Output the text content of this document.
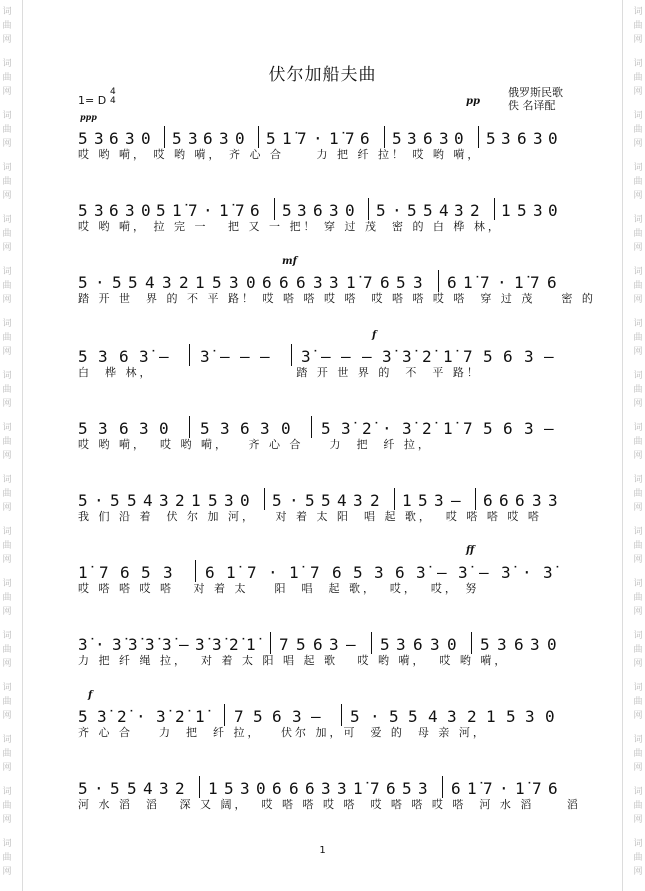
词
曲
网
词
曲
网
词
曲
网
词
曲
网
词
曲
网
词
曲
网
词
曲
网
词
曲
网
词
曲
网
词
曲
网
词
曲
网
词
曲
网
词
曲
网
词
曲
网
词
曲
网
词
曲
网
词
曲
网
词
曲
网
词
曲
网
词
曲
网
词
曲
网
词
曲
网
词
曲
网
词
曲
网
词
曲
网
词
曲
网
词
曲
网
词
曲
网
词
曲
网
词
曲
网
词
曲
网
词
曲
网
词
曲
网
词
曲
网
伏尔加船夫曲
1= D
4
4
俄罗斯民歌
佚 名译配
ppp
pp
5 3 6 3 0 5 3 6 3 0 5 1̇ 7 · 1̇ 7 6 5 3 6 3 0 5 3 6 3 0
哎 哟 嗬， 哎 哟 嗬， 齐 心 合     力 把 纤 拉！ 哎 哟 嗬，
5 3 6 3 0 5 1̇ 7 · 1̇ 7 6 5 3 6 3 0 5 · 5 5 4 3 2 1 5 3 0
哎 哟 嗬， 拉 完 一   把 又 一 把！ 穿 过 茂  密 的 白 桦 林，
5 · 5 5 4 3 2 1 5 3 0 6 6 6 3 3 1̇ 7 6 5 3 6 1̇ 7 · 1̇ 7 6
踏 开 世  界 的 不 平 路！ 哎 嗒 嗒 哎 嗒  哎 嗒 嗒 哎 嗒  穿 过 茂    密 的
5 3 6 3̇ – 3̇ – – – 3̇ – – – 3̇ 3̇ 2̇ 1̇ 7 5 6 3 –
白  桦 林，                      踏 开 世 界 的  不  平 路！
5 3 6 3 0 5 3 6 3 0 5 3̇ 2̇ · 3̇ 2̇ 1̇ 7 5 6 3 –
哎 哟 嗬，  哎 哟 嗬，   齐 心 合    力  把  纤 拉，
5 · 5 5 4 3 2 1 5 3 0 5 · 5 5 4 3 2 1 5 3 – 6 6 6 3 3
我 们 沿 着  伏 尔 加 河，   对 着 太 阳  唱 起 歌，  哎 嗒 嗒 哎 嗒
1̇ 7 6 5 3 6 1̇ 7 · 1̇ 7 6 5 3 6 3̇ – 3̇ – 3̇ · 3̇
哎 嗒 嗒 哎 嗒   对 着 太    阳  唱  起 歌，  哎，  哎， 努
3̇ · 3̇ 3̇ 3̇ 3̇ – 3̇ 3̇ 2̇ 1̇ 7 5 6 3 – 5 3 6 3 0 5 3 6 3 0
力 把 纤 绳 拉，  对 着 太 阳 唱 起 歌   哎 哟 嗬，  哎 哟 嗬，
5 3̇ 2̇ · 3̇ 2̇ 1̇ 7 5 6 3 – 5 · 5 5 4 3 2 1 5 3 0
齐 心 合    力  把  纤 拉，   伏尔 加，可  爱 的  母 亲 河，
5 · 5 5 4 3 2 1 5 3 0 6 6 6 3 3 1̇ 7 6 5 3 6 1̇ 7 · 1̇ 7 6
河 水 滔  滔   深 又 阔，  哎 嗒 嗒 哎 嗒  哎 嗒 嗒 哎 嗒  河 水 滔     滔
mf
f
ff
f
1
